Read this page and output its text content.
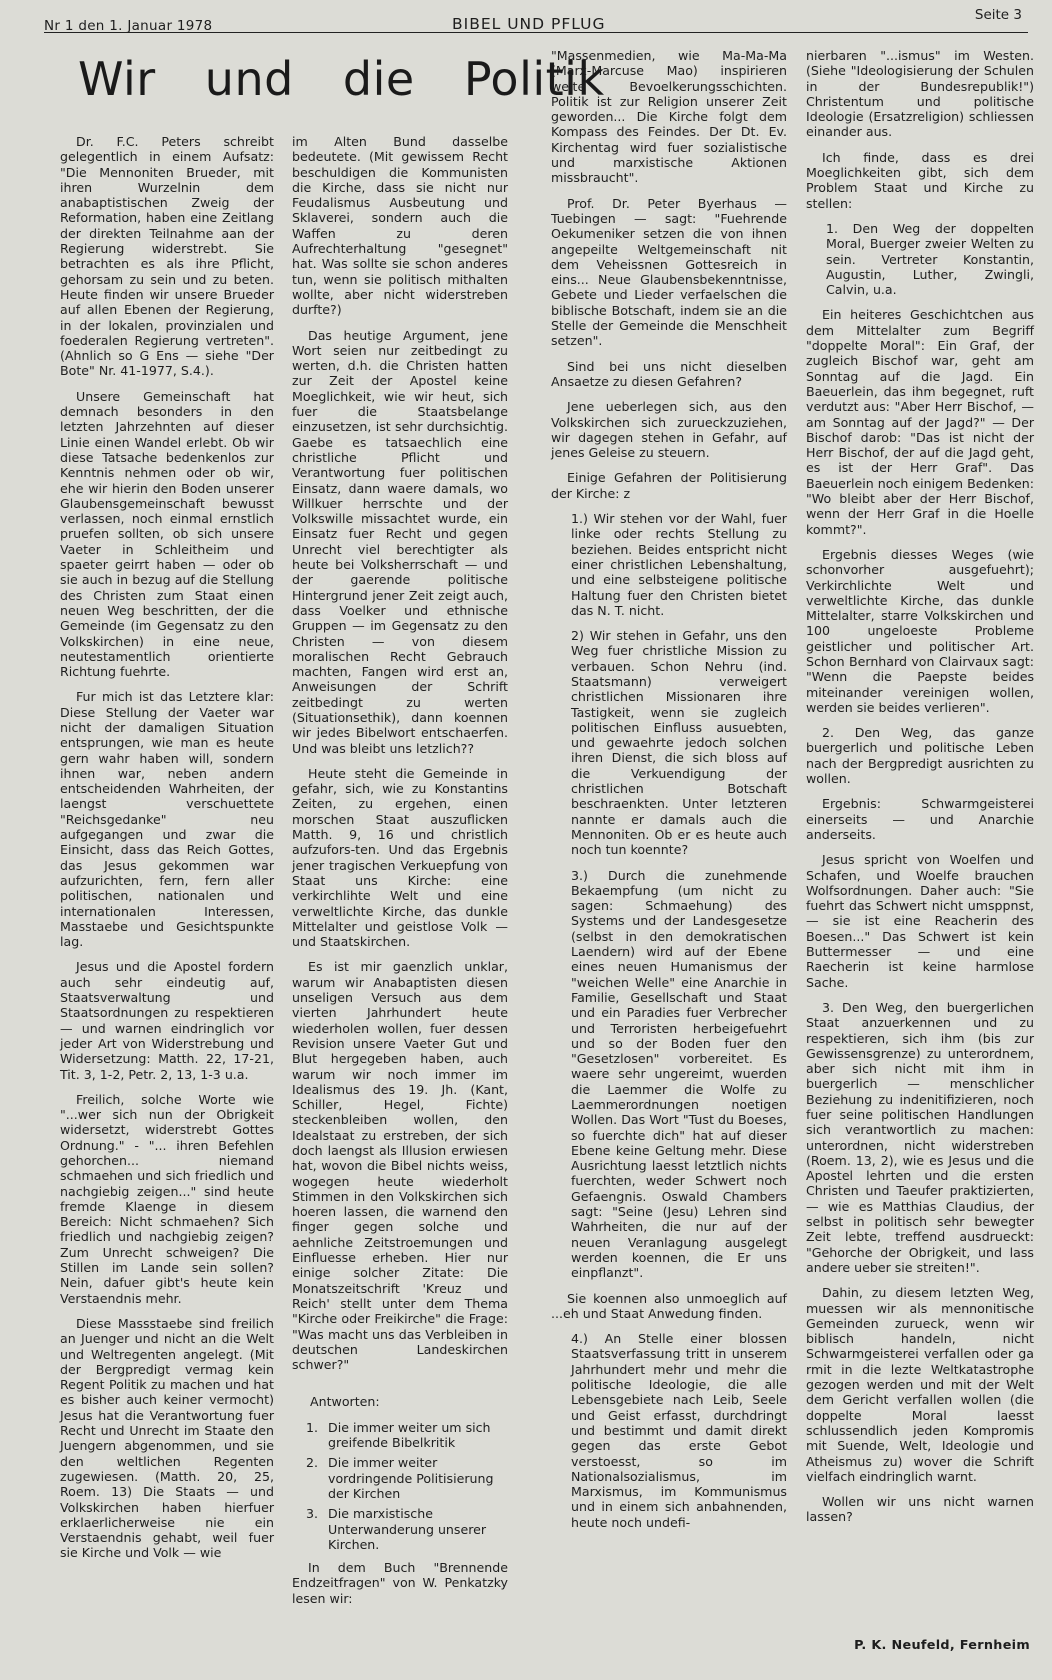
Nr 1 den 1. Januar 1978	BIBEL UND PFLUG	Seite 3
Wir und die Politik

Dr. F.C. Peters schreibt gelegentlich in einem Aufsatz: "Die Mennoniten Brueder, mit ihren Wurzelnin dem anabaptistischen Zweig der Reformation, haben eine Zeitlang der direkten Teilnahme aan der Regierung widerstrebt. Sie betrachten es als ihre Pflicht, gehorsam zu sein und zu beten. Heute finden wir unsere Brueder auf allen Ebenen der Regierung, in der lokalen, provinzialen und foederalen Regierung vertreten". (Ahnlich so G Ens — siehe "Der Bote" Nr. 41-1977, S.4.).

Unsere Gemeinschaft hat demnach besonders in den letzten Jahrzehnten auf dieser Linie einen Wandel erlebt. Ob wir diese Tatsache bedenkenlos zur Kenntnis nehmen oder ob wir, ehe wir hierin den Boden unserer Glaubensgemeinschaft bewusst verlassen, noch einmal ernstlich pruefen sollten, ob sich unsere Vaeter in Schleitheim und spaeter geirrt haben — oder ob sie auch in bezug auf die Stellung des Christen zum Staat einen neuen Weg beschritten, der die Gemeinde (im Gegensatz zu den Volkskirchen) in eine neue, neutestamentlich orientierte Richtung fuehrte.

Fur mich ist das Letztere klar: Diese Stellung der Vaeter war nicht der damaligen Situation entsprungen, wie man es heute gern wahr haben will, sondern ihnen war, neben andern entscheidenden Wahrheiten, der laengst verschuettete "Reichsgedanke" neu aufgegangen und zwar die Einsicht, dass das Reich Gottes, das Jesus gekommen war aufzurichten, fern, fern aller politischen, nationalen und internationalen Interessen, Masstaebe und Gesichtspunkte lag.

Jesus und die Apostel fordern auch sehr eindeutig auf, Staatsverwaltung und Staatsordnungen zu respektieren — und warnen eindringlich vor jeder Art von Widerstrebung und Widersetzung: Matth. 22, 17-21, Tit. 3, 1-2, Petr. 2, 13, 1-3 u.a.

Freilich, solche Worte wie "...wer sich nun der Obrigkeit widersetzt, widerstrebt Gottes Ordnung." - "... ihren Befehlen gehorchen... niemand schmaehen und sich friedlich und nachgiebig zeigen..." sind heute fremde Klaenge in diesem Bereich: Nicht schmaehen? Sich friedlich und nachgiebig zeigen? Zum Unrecht schweigen? Die Stillen im Lande sein sollen? Nein, dafuer gibt's heute kein Verstaendnis mehr.

Diese Massstaebe sind freilich an Juenger und nicht an die Welt und Weltregenten angelegt. (Mit der Bergpredigt vermag kein Regent Politik zu machen und hat es bisher auch keiner vermocht) Jesus hat die Verantwortung fuer Recht und Unrecht im Staate den Juengern abgenommen, und sie den weltlichen Regenten zugewiesen. (Matth. 20, 25, Roem. 13) Die Staats — und Volkskirchen haben hierfuer erklaerlicherweise nie ein Verstaendnis gehabt, weil fuer sie Kirche und Volk — wie

im Alten Bund dasselbe bedeutete. (Mit gewissem Recht beschuldigen die Kommunisten die Kirche, dass sie nicht nur Feudalismus Ausbeutung und Sklaverei, sondern auch die Waffen zu deren Aufrechterhaltung "gesegnet" hat. Was sollte sie schon anderes tun, wenn sie politisch mithalten wollte, aber nicht widerstreben durfte?)

Das heutige Argument, jene Wort seien nur zeitbedingt zu werten, d.h. die Christen hatten zur Zeit der Apostel keine Moeglichkeit, wie wir heut, sich fuer die Staatsbelange einzusetzen, ist sehr durchsichtig. Gaebe es tatsaechlich eine christliche Pflicht und Verantwortung fuer politischen Einsatz, dann waere damals, wo Willkuer herrschte und der Volkswille missachtet wurde, ein Einsatz fuer Recht und gegen Unrecht viel berechtigter als heute bei Volksherrschaft — und der gaerende politische Hintergrund jener Zeit zeigt auch, dass Voelker und ethnische Gruppen — im Gegensatz zu den Christen — von diesem moralischen Recht Gebrauch machten, Fangen wird erst an, Anweisungen der Schrift zeitbedingt zu werten (Situationsethik), dann koennen wir jedes Bibelwort entschaerfen. Und was bleibt uns letzlich??

Heute steht die Gemeinde in gefahr, sich, wie zu Konstantins Zeiten, zu ergehen, einen morschen Staat auszuflicken Matth. 9, 16 und christlich aufzufors-ten. Und das Ergebnis jener tragischen Verkuepfung von Staat uns Kirche: eine verkirchlihte Welt und eine verweltlichte Kirche, das dunkle Mittelalter und geistlose Volk — und Staatskirchen.

Es ist mir gaenzlich unklar, warum wir Anabaptisten diesen unseligen Versuch aus dem vierten Jahrhundert heute wiederholen wollen, fuer dessen Revision unsere Vaeter Gut und Blut hergegeben haben, auch warum wir noch immer im Idealismus des 19. Jh. (Kant, Schiller, Hegel, Fichte) steckenbleiben wollen, den Idealstaat zu erstreben, der sich doch laengst als Illusion erwiesen hat, wovon die Bibel nichts weiss, wogegen heute wiederholt Stimmen in den Volkskirchen sich hoeren lassen, die warnend den finger gegen solche und aehnliche Zeitstroemungen und Einfluesse erheben. Hier nur einige solcher Zitate: Die Monatszeitschrift 'Kreuz und Reich' stellt unter dem Thema "Kirche oder Freikirche" die Frage: "Was macht uns das Verbleiben in deutschen Landeskirchen schwer?"

Antworten:

1. Die immer weiter um sich greifende Bibelkritik
2. Die immer weiter vordringende Politisierung der Kirchen
3. Die marxistische Unterwanderung unserer Kirchen.

In dem Buch "Brennende Endzeitfragen" von W. Penkatzky lesen wir:

"Massenmedien, wie Ma-Ma-Ma (Marx-Marcuse Mao) inspirieren weite Bevoelkerungsschichten. Politik ist zur Religion unserer Zeit geworden... Die Kirche folgt dem Kompass des Feindes. Der Dt. Ev. Kirchentag wird fuer sozialistische und marxistische Aktionen missbraucht".

Prof. Dr. Peter Byerhaus — Tuebingen — sagt: "Fuehrende Oekumeniker setzen die von ihnen angepeilte Weltgemeinschaft nit dem Veheissnen Gottesreich in eins... Neue Glaubensbekenntnisse, Gebete und Lieder verfaelschen die biblische Botschaft, indem sie an die Stelle der Gemeinde die Menschheit setzen".

Sind bei uns nicht dieselben Ansaetze zu diesen Gefahren?

Jene ueberlegen sich, aus den Volkskirchen sich zurueckzuziehen, wir dagegen stehen in Gefahr, auf jenes Geleise zu steuern.

Einige Gefahren der Politisierung der Kirche: z

1.) Wir stehen vor der Wahl, fuer linke oder rechts Stellung zu beziehen. Beides entspricht nicht einer christlichen Lebenshaltung, und eine selbsteigene politische Haltung fuer den Christen bietet das N. T. nicht.

2) Wir stehen in Gefahr, uns den Weg fuer christliche Mission zu verbauen. Schon Nehru (ind. Staatsmann) verweigert christlichen Missionaren ihre Tastigkeit, wenn sie zugleich politischen Einfluss ausuebten, und gewaehrte jedoch solchen ihren Dienst, die sich bloss auf die Verkuendigung der christlichen Botschaft beschraenkten. Unter letzteren nannte er damals auch die Mennoniten. Ob er es heute auch noch tun koennte?

3.) Durch die zunehmende Bekaempfung (um nicht zu sagen: Schmaehung) des Systems und der Landesgesetze (selbst in den demokratischen Laendern) wird auf der Ebene eines neuen Humanismus der "weichen Welle" eine Anarchie in Familie, Gesellschaft und Staat und ein Paradies fuer Verbrecher und Terroristen herbeigefuehrt und so der Boden fuer den "Gesetzlosen" vorbereitet. Es waere sehr ungereimt, wuerden die Laemmer die Wolfe zu Laemmerordnungen noetigen Wollen. Das Wort "Tust du Boeses, so fuerchte dich" hat auf dieser Ebene keine Geltung mehr. Diese Ausrichtung laesst letztlich nichts fuerchten, weder Schwert noch Gefaengnis. Oswald Chambers sagt: "Seine (Jesu) Lehren sind Wahrheiten, die nur auf der neuen Veranlagung ausgelegt werden koennen, die Er uns einpflanzt".

Sie koennen also unmoeglich auf ...eh und Staat Anwedung finden.

4.) An Stelle einer blossen Staatsverfassung tritt in unserem Jahrhundert mehr und mehr die politische Ideologie, die alle Lebensgebiete nach Leib, Seele und Geist erfasst, durchdringt und bestimmt und damit direkt gegen das erste Gebot verstoesst, so im Nationalsozialismus, im Marxismus, im Kommunismus und in einem sich anbahnenden, heute noch undefi-

nierbaren "...ismus" im Westen. (Siehe "Ideologisierung der Schulen in der Bundesrepublik!") Christentum und politische Ideologie (Ersatzreligion) schliessen einander aus.

Ich finde, dass es drei Moeglichkeiten gibt, sich dem Problem Staat und Kirche zu stellen:

1. Den Weg der doppelten Moral, Buerger zweier Welten zu sein. Vertreter Konstantin, Augustin, Luther, Zwingli, Calvin, u.a.

Ein heiteres Geschichtchen aus dem Mittelalter zum Begriff "doppelte Moral": Ein Graf, der zugleich Bischof war, geht am Sonntag auf die Jagd. Ein Baeuerlein, das ihm begegnet, ruft verdutzt aus: "Aber Herr Bischof, — am Sonntag auf der Jagd?" — Der Bischof darob: "Das ist nicht der Herr Bischof, der auf die Jagd geht, es ist der Herr Graf". Das Baeuerlein noch einigem Bedenken: "Wo bleibt aber der Herr Bischof, wenn der Herr Graf in die Hoelle kommt?".

Ergebnis diesses Weges (wie schonvorher ausgefuehrt); Verkirchlichte Welt und verweltlichte Kirche, das dunkle Mittelalter, starre Volkskirchen und 100 ungeloeste Probleme geistlicher und politischer Art. Schon Bernhard von Clairvaux sagt: "Wenn die Paepste beides miteinander vereinigen wollen, werden sie beides verlieren".

2. Den Weg, das ganze buergerlich und politische Leben nach der Bergpredigt ausrichten zu wollen.

Ergebnis: Schwarmgeisterei einerseits — und Anarchie anderseits.

Jesus spricht von Woelfen und Schafen, und Woelfe brauchen Wolfsordnungen. Daher auch: "Sie fuehrt das Schwert nicht umsppnst, — sie ist eine Reacherin des Boesen..." Das Schwert ist kein Buttermesser — und eine Raecherin ist keine harmlose Sache.

3. Den Weg, den buergerlichen Staat anzuerkennen und zu respektieren, sich ihm (bis zur Gewissensgrenze) zu unterordnem, aber sich nicht mit ihm in buergerlich — menschlicher Beziehung zu indenitifizieren, noch fuer seine politischen Handlungen sich verantwortlich zu machen: unterordnen, nicht widerstreben (Roem. 13, 2), wie es Jesus und die Apostel lehrten und die ersten Christen und Taeufer praktizierten, — wie es Matthias Claudius, der selbst in politisch sehr bewegter Zeit lebte, treffend ausdrueckt: "Gehorche der Obrigkeit, und lass andere ueber sie streiten!".

Dahin, zu diesem letzten Weg, muessen wir als mennonitische Gemeinden zurueck, wenn wir biblisch handeln, nicht Schwarmgeisterei verfallen oder ga rmit in die lezte Weltkatastrophe gezogen werden und mit der Welt dem Gericht verfallen wollen (die doppelte Moral laesst schlussendlich jeden Kompromis mit Suende, Welt, Ideologie und Atheismus zu) wover die Schrift vielfach eindringlich warnt.

Wollen wir uns nicht warnen lassen?

P. K. Neufeld, Fernheim
